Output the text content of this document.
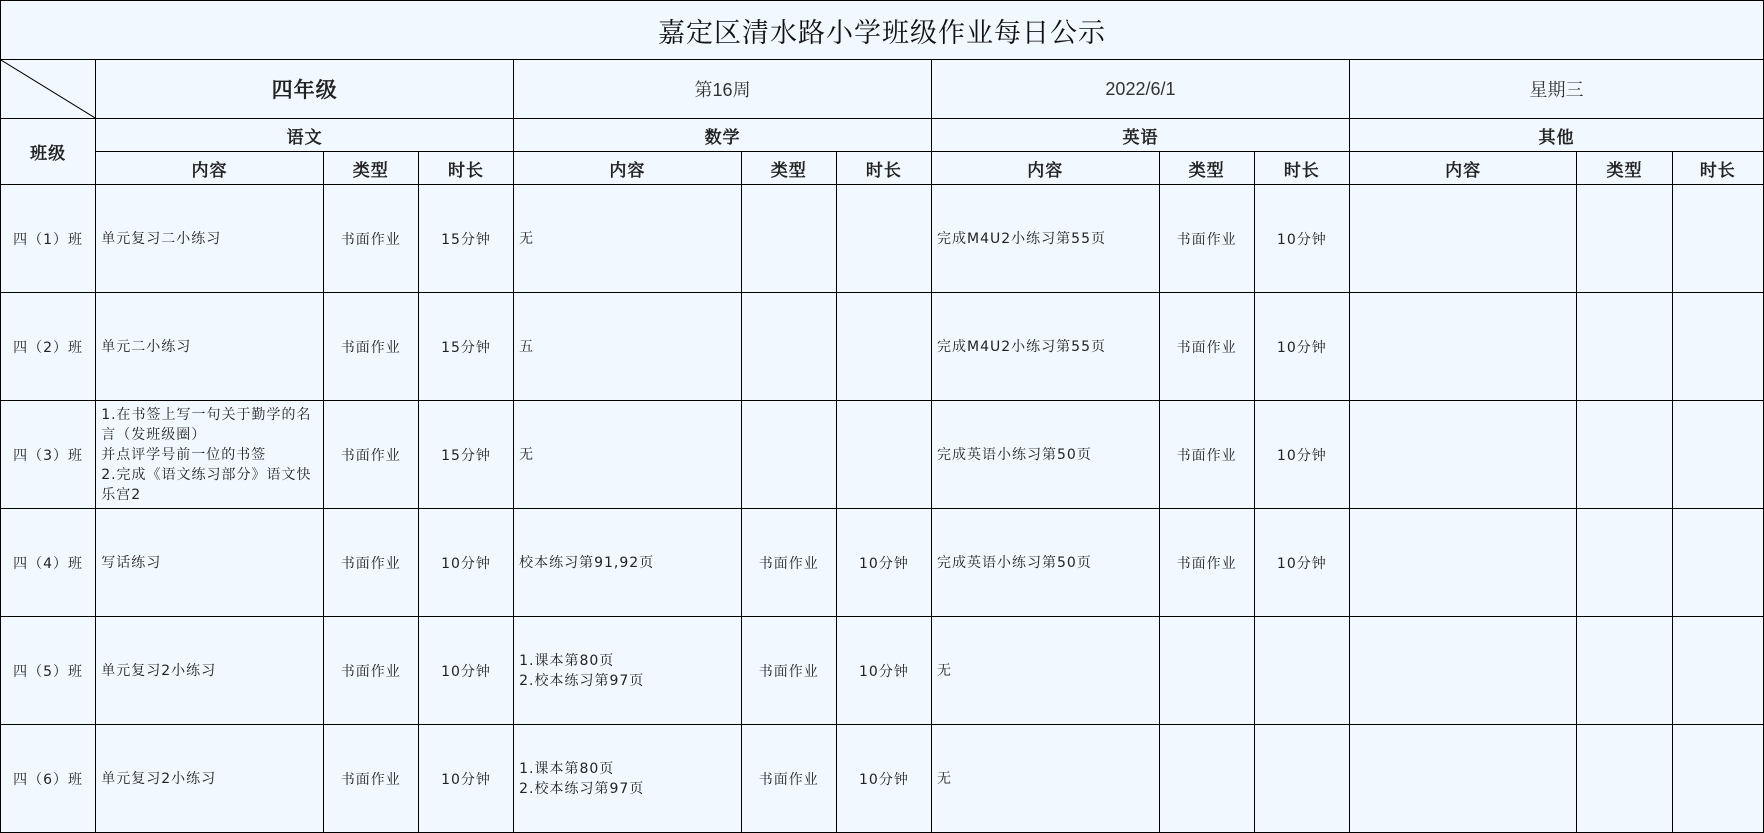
嘉定区清水路小学班级作业每日公示												

	四年级			第16周			2022/6/1			星期三		
班级	语文			数学			英语			其他		
	内容	类型	时长	内容	类型	时长	内容	类型	时长	内容	类型	时长
四（1）班	单元复习二小练习	书面作业	15分钟	无			完成M4U2小练习第55页	书面作业	10分钟			
四（2）班	单元二小练习	书面作业	15分钟	五			完成M4U2小练习第55页	书面作业	10分钟			
四（3）班	1.在书签上写一句关于勤学的名言（发班级圈）
并点评学号前一位的书签
2.完成《语文练习部分》语文快乐宫2	书面作业	15分钟	无			完成英语小练习第50页	书面作业	10分钟			
四（4）班	写话练习	书面作业	10分钟	校本练习第91,92页	书面作业	10分钟	完成英语小练习第50页	书面作业	10分钟			
四（5）班	单元复习2小练习	书面作业	10分钟	1.课本第80页
2.校本练习第97页	书面作业	10分钟	无					
四（6）班	单元复习2小练习	书面作业	10分钟	1.课本第80页
2.校本练习第97页	书面作业	10分钟	无					
